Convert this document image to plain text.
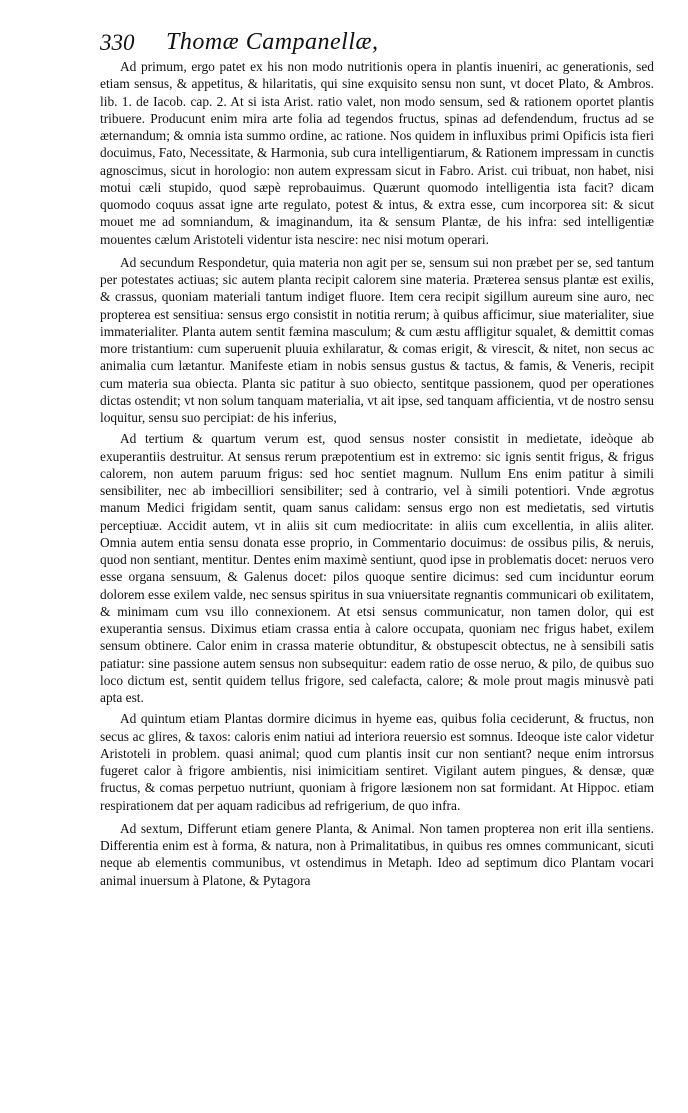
330	Thomæ Campanellæ,

Ad primum, ergo patet ex his non modo nutritionis opera in plantis inueniri, ac generationis, sed etiam sensus, & appetitus, & hilaritatis, qui sine exquisito sensu non sunt, vt docet Plato, & Ambros. lib. 1. de Iacob. cap. 2. At si ista Arist. ratio valet, non modo sensum, sed & rationem oportet plantis tribuere. Producunt enim mira arte folia ad tegendos fructus, spinas ad defendendum, fructus ad se æternandum; & omnia ista summo ordine, ac ratione. Nos quidem in influxibus primi Opificis ista fieri docuimus, Fato, Necessitate, & Harmonia, sub cura intelligentiarum, & Rationem impressam in cunctis agnoscimus, sicut in horologio: non autem expressam sicut in Fabro. Arist. cui tribuat, non habet, nisi motui cæli stupido, quod sæpè reprobauimus. Quærunt quomodo intelligentia ista facit? dicam quomodo coquus assat igne arte regulato, potest & intus, & extra esse, cum incorporea sit: & sicut mouet me ad somniandum, & imaginandum, ita & sensum Plantæ, de his infra: sed intelligentiæ mouentes cælum Aristoteli videntur ista nescire: nec nisi motum operari.

Ad secundum Respondetur, quia materia non agit per se, sensum sui non præbet per se, sed tantum per potestates actiuas; sic autem planta recipit calorem sine materia. Præterea sensus plantæ est exilis, & crassus, quoniam materiali tantum indiget fluore. Item cera recipit sigillum aureum sine auro, nec propterea est sensitiua: sensus ergo consistit in notitia rerum; à quibus afficimur, siue materialiter, siue immaterialiter. Planta autem sentit fæmina masculum; & cum æstu affligitur squalet, & demittit comas more tristantium: cum superuenit pluuia exhilaratur, & comas erigit, & virescit, & nitet, non secus ac animalia cum lætantur. Manifeste etiam in nobis sensus gustus & tactus, & famis, & Veneris, recipit cum materia sua obiecta. Planta sic patitur à suo obiecto, sentitque passionem, quod per operationes dictas ostendit; vt non solum tanquam materialia, vt ait ipse, sed tanquam afficientia, vt de nostro sensu loquitur, sensu suo percipiat: de his inferius,

Ad tertium & quartum verum est, quod sensus noster consistit in medietate, ideòque ab exuperantiis destruitur. At sensus rerum præpotentium est in extremo: sic ignis sentit frigus, & frigus calorem, non autem paruum frigus: sed hoc sentiet magnum. Nullum Ens enim patitur à simili sensibiliter, nec ab imbecilliori sensibiliter; sed à contrario, vel à simili potentiori. Vnde ægrotus manum Medici frigidam sentit, quam sanus calidam: sensus ergo non est medietatis, sed virtutis perceptiuæ. Accidit autem, vt in aliis sit cum mediocritate: in aliis cum excellentia, in aliis aliter. Omnia autem entia sensu donata esse proprio, in Commentario docuimus: de ossibus pilis, & neruis, quod non sentiant, mentitur. Dentes enim maximè sentiunt, quod ipse in problematis docet: neruos vero esse organa sensuum, & Galenus docet: pilos quoque sentire dicimus: sed cum inciduntur eorum dolorem esse exilem valde, nec sensus spiritus in sua vniuersitate regnantis communicari ob exilitatem, & minimam cum vsu illo connexionem. At etsi sensus communicatur, non tamen dolor, qui est exuperantia sensus. Diximus etiam crassa entia à calore occupata, quoniam nec frigus habet, exilem sensum obtinere. Calor enim in crassa materie obtunditur, & obstupescit obtectus, ne à sensibili satis patiatur: sine passione autem sensus non subsequitur: eadem ratio de osse neruo, & pilo, de quibus suo loco dictum est, sentit quidem tellus frigore, sed calefacta, calore; & mole prout magis minusvè pati apta est.

Ad quintum etiam Plantas dormire dicimus in hyeme eas, quibus folia ceciderunt, & fructus, non secus ac glires, & taxos: caloris enim natiui ad interiora reuersio est somnus. Ideoque iste calor videtur Aristoteli in problem. quasi animal; quod cum plantis insit cur non sentiant? neque enim introrsus fugeret calor à frigore ambientis, nisi inimicitiam sentiret. Vigilant autem pingues, & densæ, quæ fructus, & comas perpetuo nutriunt, quoniam à frigore læsionem non sat formidant. At Hippoc. etiam respirationem dat per aquam radicibus ad refrigerium, de quo infra.

Ad sextum, Differunt etiam genere Planta, & Animal. Non tamen propterea non erit illa sentiens. Differentia enim est à forma, & natura, non à Primalitatibus, in quibus res omnes communicant, sicuti neque ab elementis communibus, vt ostendimus in Metaph. Ideo ad septimum dico Plantam vocari animal inuersum à Platone, & Pytagora
